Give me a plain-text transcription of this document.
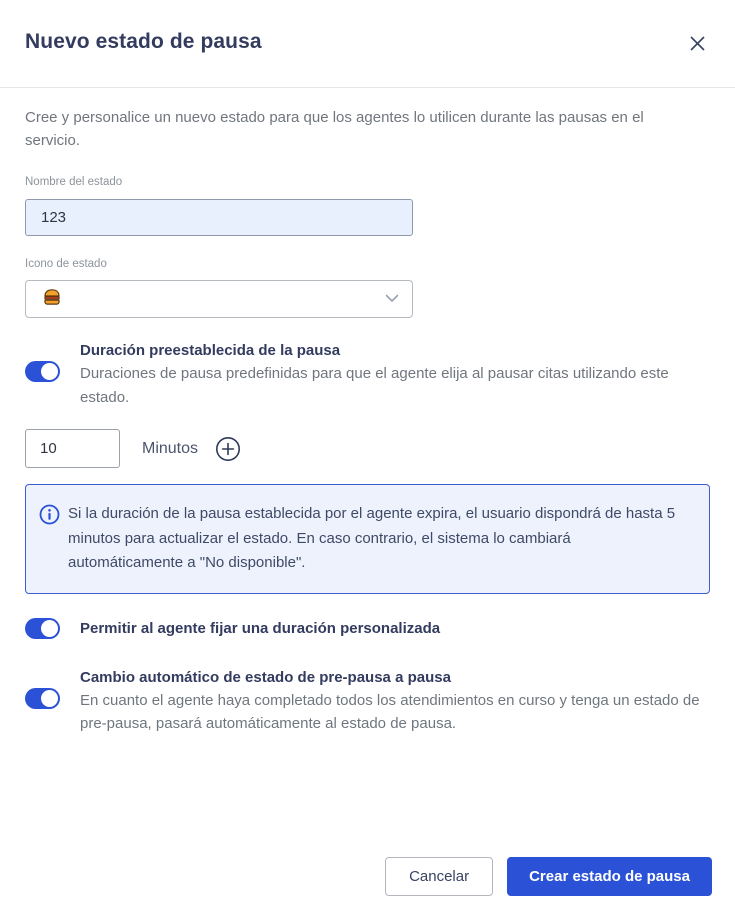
Nuevo estado de pausa

Cree y personalice un nuevo estado para que los agentes lo utilicen durante las pausas en el servicio.

Nombre del estado
123
Icono de estado
Duración preestablecida de la pausa
Duraciones de pausa predefinidas para que el agente elija al pausar citas utilizando este estado.
10
Minutos
Si la duración de la pausa establecida por el agente expira, el usuario dispondrá de hasta 5 minutos para actualizar el estado. En caso contrario, el sistema lo cambiará automáticamente a "No disponible".
Permitir al agente fijar una duración personalizada
Cambio automático de estado de pre-pausa a pausa
En cuanto el agente haya completado todos los atendimientos en curso y tenga un estado de pre-pausa, pasará automáticamente al estado de pausa.
Cancelar	Crear estado de pausa
